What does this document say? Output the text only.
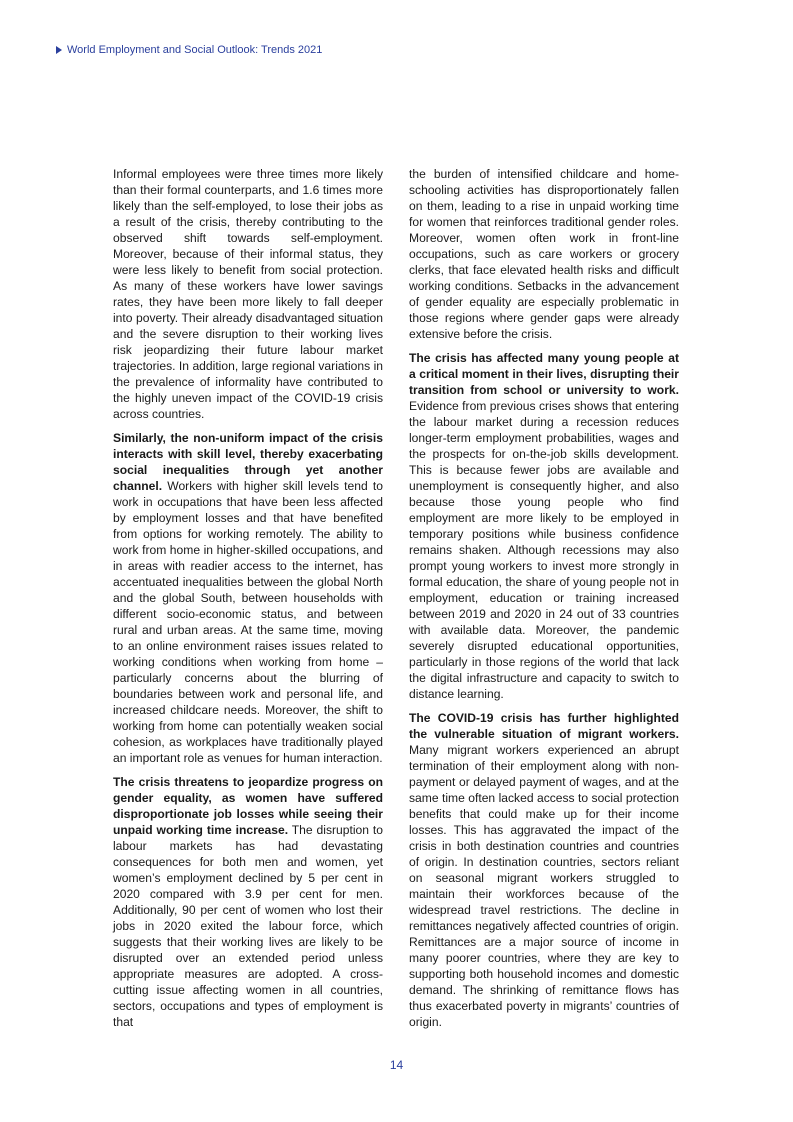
World Employment and Social Outlook: Trends 2021

Informal employees were three times more likely than their formal counterparts, and 1.6 times more likely than the self-employed, to lose their jobs as a result of the crisis, thereby contributing to the observed shift towards self-employment. Moreover, because of their informal status, they were less likely to benefit from social protection. As many of these workers have lower savings rates, they have been more likely to fall deeper into poverty. Their already disadvantaged situation and the severe disruption to their working lives risk jeopardizing their future labour market trajectories. In addition, large regional variations in the prevalence of informality have contributed to the highly uneven impact of the COVID-19 crisis across countries.

Similarly, the non-uniform impact of the crisis interacts with skill level, thereby exacerbating social inequalities through yet another channel. Workers with higher skill levels tend to work in occupations that have been less affected by employment losses and that have benefited from options for working remotely. The ability to work from home in higher-skilled occupations, and in areas with readier access to the internet, has accentuated inequalities between the global North and the global South, between households with different socio-economic status, and between rural and urban areas. At the same time, moving to an online environment raises issues related to working conditions when working from home – particularly concerns about the blurring of boundaries between work and personal life, and increased childcare needs. Moreover, the shift to working from home can potentially weaken social cohesion, as workplaces have traditionally played an important role as venues for human interaction.

The crisis threatens to jeopardize progress on gender equality, as women have suffered disproportionate job losses while seeing their unpaid working time increase. The disruption to labour markets has had devastating consequences for both men and women, yet women’s employment declined by 5 per cent in 2020 compared with 3.9 per cent for men. Additionally, 90 per cent of women who lost their jobs in 2020 exited the labour force, which suggests that their working lives are likely to be disrupted over an extended period unless appropriate measures are adopted. A cross-cutting issue affecting women in all countries, sectors, occupations and types of employment is that

the burden of intensified childcare and home-schooling activities has disproportionately fallen on them, leading to a rise in unpaid working time for women that reinforces traditional gender roles. Moreover, women often work in front-line occupations, such as care workers or grocery clerks, that face elevated health risks and difficult working conditions. Setbacks in the advancement of gender equality are especially problematic in those regions where gender gaps were already extensive before the crisis.

The crisis has affected many young people at a critical moment in their lives, disrupting their transition from school or university to work. Evidence from previous crises shows that entering the labour market during a recession reduces longer-term employment probabilities, wages and the prospects for on-the-job skills development. This is because fewer jobs are available and unemployment is consequently higher, and also because those young people who find employment are more likely to be employed in temporary positions while business confidence remains shaken. Although recessions may also prompt young workers to invest more strongly in formal education, the share of young people not in employment, education or training increased between 2019 and 2020 in 24 out of 33 countries with available data. Moreover, the pandemic severely disrupted educational opportunities, particularly in those regions of the world that lack the digital infrastructure and capacity to switch to distance learning.

The COVID-19 crisis has further highlighted the vulnerable situation of migrant workers. Many migrant workers experienced an abrupt termination of their employment along with non-payment or delayed payment of wages, and at the same time often lacked access to social protection benefits that could make up for their income losses. This has aggravated the impact of the crisis in both destination countries and countries of origin. In destination countries, sectors reliant on seasonal migrant workers struggled to maintain their workforces because of the widespread travel restrictions. The decline in remittances negatively affected countries of origin. Remittances are a major source of income in many poorer countries, where they are key to supporting both household incomes and domestic demand. The shrinking of remittance flows has thus exacerbated poverty in migrants’ countries of origin.

14
